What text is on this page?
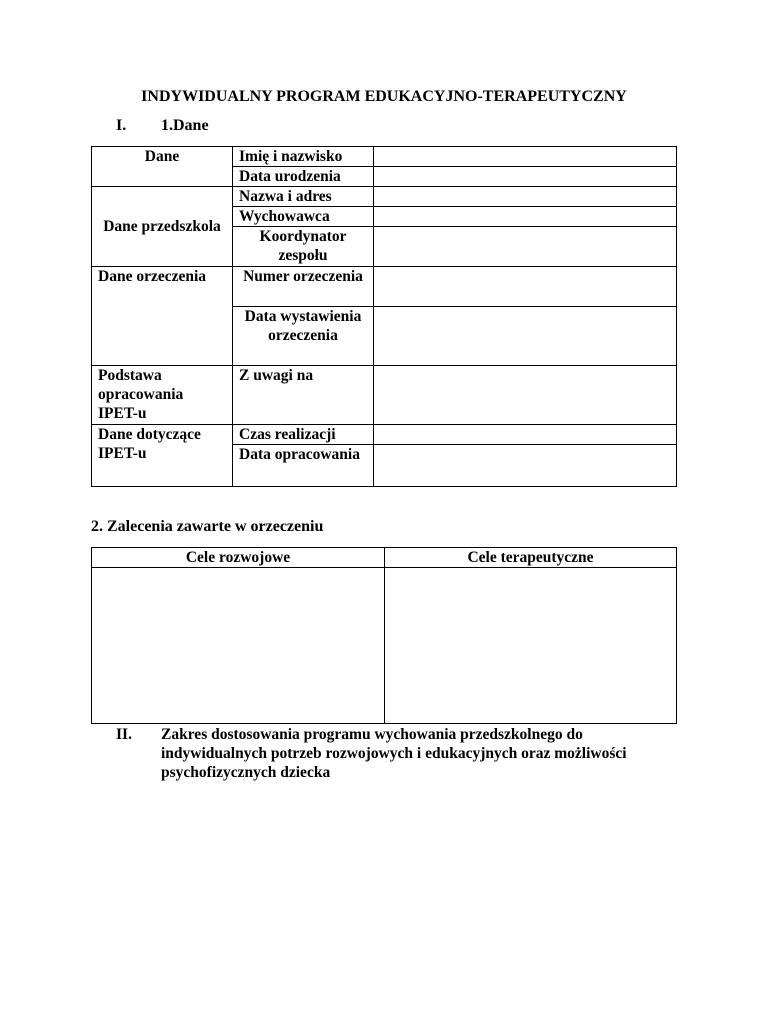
INDYWIDUALNY PROGRAM EDUKACYJNO-TERAPEUTYCZNY
I. 1.Dane
Dane	Imię i nazwisko	
	Data urodzenia	
Dane przedszkola	Nazwa i adres	
	Wychowawca	
	Koordynator zespołu	
Dane orzeczenia	Numer orzeczenia	
	Data wystawienia orzeczenia	
Podstawa opracowania IPET-u	Z uwagi na	
Dane dotyczące IPET-u	Czas realizacji	
	Data opracowania	
2. Zalecenia zawarte w orzeczeniu
Cele rozwojowe	Cele terapeutyczne

II. Zakres dostosowania programu wychowania przedszkolnego do indywidualnych potrzeb rozwojowych i edukacyjnych oraz możliwości psychofizycznych dziecka
